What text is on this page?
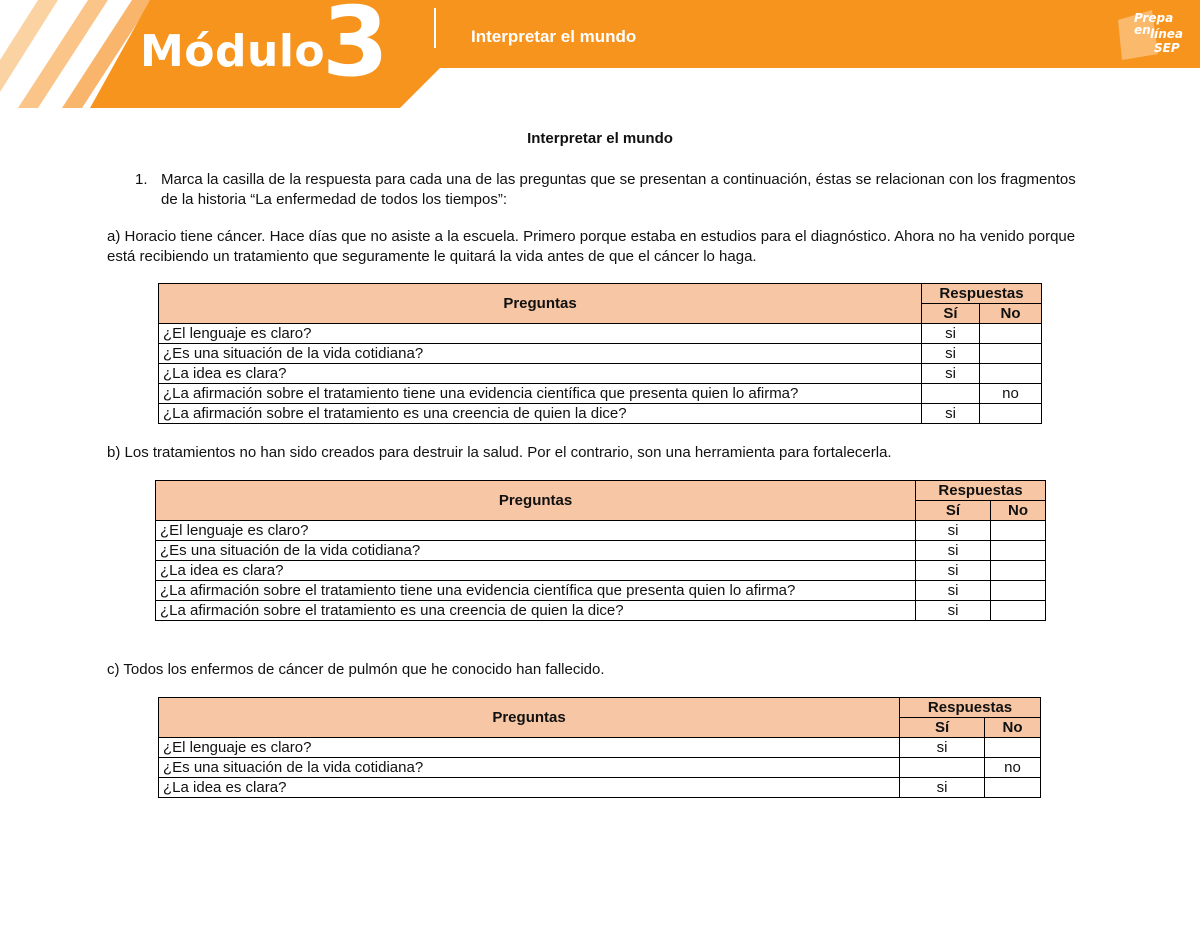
Módulo
3	Interpretar el mundo
Prepa en línea
SEP
Interpretar el mundo
1. Marca la casilla de la respuesta para cada una de las preguntas que se presentan a continuación, éstas se relacionan con los fragmentos de la historia “La enfermedad de todos los tiempos”:
a) Horacio tiene cáncer. Hace días que no asiste a la escuela. Primero porque estaba en estudios para el diagnóstico. Ahora no ha venido porque está recibiendo un tratamiento que seguramente le quitará la vida antes de que el cáncer lo haga.
Preguntas	Respuestas	
	Sí	No
¿El lenguaje es claro?	si	
¿Es una situación de la vida cotidiana?	si	
¿La idea es clara?	si	
¿La afirmación sobre el tratamiento tiene una evidencia científica que presenta quien lo afirma?		no
¿La afirmación sobre el tratamiento es una creencia de quien la dice?	si	
b) Los tratamientos no han sido creados para destruir la salud. Por el contrario, son una herramienta para fortalecerla.
Preguntas	Respuestas	
	Sí	No
¿El lenguaje es claro?	si	
¿Es una situación de la vida cotidiana?	si	
¿La idea es clara?	si	
¿La afirmación sobre el tratamiento tiene una evidencia científica que presenta quien lo afirma?	si	
¿La afirmación sobre el tratamiento es una creencia de quien la dice?	si	
c) Todos los enfermos de cáncer de pulmón que he conocido han fallecido.
Preguntas	Respuestas	
	Sí	No
¿El lenguaje es claro?	si	
¿Es una situación de la vida cotidiana?		no
¿La idea es clara?	si	
